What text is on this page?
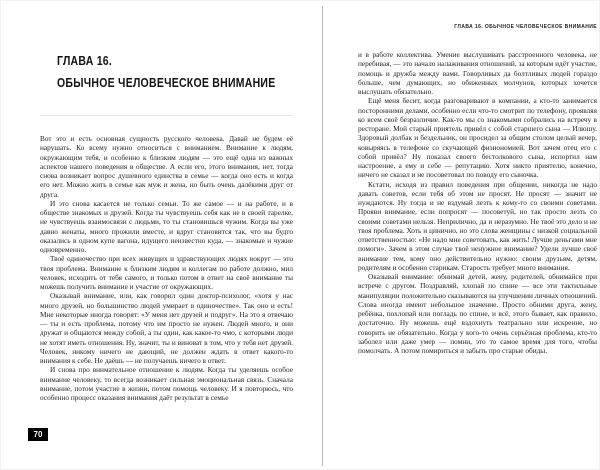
ГЛАВА 16.
ОБЫЧНОЕ ЧЕЛОВЕЧЕСКОЕ ВНИМАНИЕ

Вот это и есть основная сущность русского человека. Давай не будем её нарушать. Ко всему нужно относиться с вниманием. Внимание к людям, окружающим тебя, и особенно к близким людям — это ещё одна из важных аспектов нашего поведения в обществе. А если его, этого внимания, нет, тогда снова возникает вопрос душевного единства в семье — когда оно есть и когда его нет. Можно жить в семье как муж и жена, но быть очень далёкими друг от друга.

И это снова касается не только семьи. То же самое — и на работе, и в обществе знакомых и друзей. Когда ты чувствуешь себя как не в своей тарелке, не чувствуешь взаимосвязи с людьми, то ты становишься чужим. Когда вы уже давно женаты, много прожили вместе, и вдруг становится так, что вы будто оказались в одном купе вагона, идущего неизвестно куда, — знакомые и чужие одновременно.

Твоё одиночество при всех живущих и здравствующих людях вокруг — это твоя проблема. Внимание к близким людям и коллегам по работе должно, мил человек, исходить от тебя самого, и только потом в ответ на своё внимание ты можешь получить внимание и участие от окружающих.

Оказывай внимание, или, как говорил один доктор-психолог, «хотя у нас много друзей, но большинство людей умирает в одиночестве». Так оно и есть! Мне некоторые иногда говорят: «У меня нет друзей и подруг». На это я отвечаю — ты и есть проблема, потому что им просто не нужен. Людей много, и они дружат и общаются между собой, а ты один, как какое-то чмо, с которыми люди не хотят иметь отношения. Ну, значит, ты и виноват в том, что у тебя нет друзей. Человек, никому ничего не дающий, не должен ждать в ответ какого-то внимания к себе. Не даёшь — не получаешь ничего в ответ.

И снова про внимательное отношение к людям. Когда ты уделяешь особое внимание человеку, то всегда возникает сильная эмоциональная связь. Сначала внимание, потом участие в жизни, потом помощь человеку. И я повторюсь, что особенно процесс оказания внимания даёт результат в семье

70
ГЛАВА 16. ОБЫЧНОЕ ЧЕЛОВЕЧЕСКОЕ ВНИМАНИЕ

и в работе коллектива. Умение выслушивать расстроенного человека, не перебивая, — это начало налаживания отношений, за которым идёт участие, помощь и дружба между вами. Говорливых да болтливых людей гораздо больше, чем думающих, но обиженных молчунов, которых хочется выслушать обязательно.

Ещё меня бесит, когда разговаривают в компании, а кто-то занимается посторонними делами, особенно если что-то смотрит по телефону, проявляя ко всем своё безразличие. Как-то мы со знакомыми собрались на встречу в ресторане. Мой старый приятель привёл с собой старшего сына — Илюшу. Здоровый долбак и бездельник, он просидел за общим столом целый вечер, ковыряясь в телефоне со скучающей физиономией. Вот зачем отец его с собой привёл? Ну показал своего бестолкового сына, испортил нам настроение, а ему и себе — репутацию. Хотя никто приятелю, конечно, ничего не сказал и не посоветовал по поводу его сыночка.

Кстати, исходя из правил поведения при общении, никогда не надо давать советов, если тебя об этом не просят. Не просят — значит не нуждаются. Ну тогда и не вздумай лезть к кому-то со своими советами. Прояви внимание, если попросят — посоветуй, но так просто лезть со своими советами нельзя. Неприлично, да и неразумно. Не твоё это дело и не твоя проблема. Хоть и цинично, но это слова женщины с низкой социальной ответственностью: «Не надо мне советовать, как жить! Лучше деньгами мне помоги». Зачем в этом случае твоё ненужное внимание? Удели лучше своё внимание тем, кому оно действительно нужно: своим друзьям, детям, родителям и особенно старикам. Старость требует много внимания.

Оказывай внимание: обнимай детей, жену, родителей, обнимайся при встрече с другом. Поздравляй, хлопай по спине — все эти тактильные манипуляции положительно сказываются на улучшении личных отношений. Слова иногда имеют небольшое значение. Просто обними друга, жену, ребёнка, похлопай или погладь по спине, и всё, этого бывает, как правило, достаточно. Ну можешь ещё вздохнуть театрально или искренне, но говорить не обязательно. Когда у кого-то очень серьёзная проблема, кто-то заболел или даже умер — помни, это то самое время для того, чтобы помолчать. А потом помириться и забыть про старые обиды.
